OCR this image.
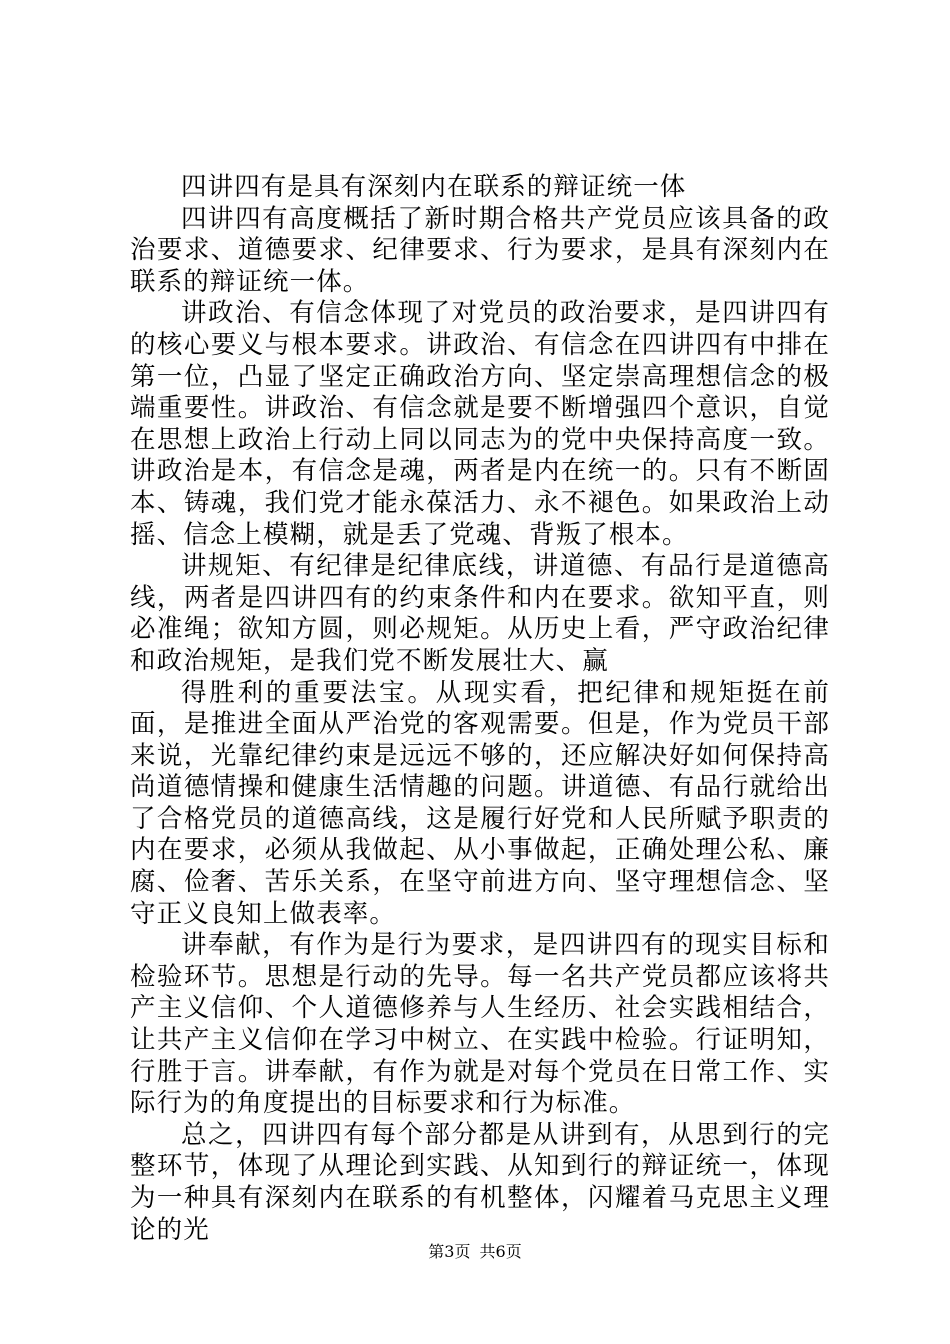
四讲四有是具有深刻内在联系的辩证统一体

四讲四有高度概括了新时期合格共产党员应该具备的政治要求、道德要求、纪律要求、行为要求，是具有深刻内在联系的辩证统一体。

讲政治、有信念体现了对党员的政治要求，是四讲四有的核心要义与根本要求。讲政治、有信念在四讲四有中排在第一位，凸显了坚定正确政治方向、坚定崇高理想信念的极端重要性。讲政治、有信念就是要不断增强四个意识，自觉在思想上政治上行动上同以同志为的党中央保持高度一致。讲政治是本，有信念是魂，两者是内在统一的。只有不断固本、铸魂，我们党才能永葆活力、永不褪色。如果政治上动摇、信念上模糊，就是丢了党魂、背叛了根本。

讲规矩、有纪律是纪律底线，讲道德、有品行是道德高线，两者是四讲四有的约束条件和内在要求。欲知平直，则必准绳；欲知方圆，则必规矩。从历史上看，严守政治纪律和政治规矩，是我们党不断发展壮大、赢

得胜利的重要法宝。从现实看，把纪律和规矩挺在前面，是推进全面从严治党的客观需要。但是，作为党员干部来说，光靠纪律约束是远远不够的，还应解决好如何保持高尚道德情操和健康生活情趣的问题。讲道德、有品行就给出了合格党员的道德高线，这是履行好党和人民所赋予职责的内在要求，必须从我做起、从小事做起，正确处理公私、廉腐、俭奢、苦乐关系，在坚守前进方向、坚守理想信念、坚守正义良知上做表率。

讲奉献，有作为是行为要求，是四讲四有的现实目标和检验环节。思想是行动的先导。每一名共产党员都应该将共产主义信仰、个人道德修养与人生经历、社会实践相结合，让共产主义信仰在学习中树立、在实践中检验。行证明知，行胜于言。讲奉献，有作为就是对每个党员在日常工作、实际行为的角度提出的目标要求和行为标准。

总之，四讲四有每个部分都是从讲到有，从思到行的完整环节，体现了从理论到实践、从知到行的辩证统一，体现为一种具有深刻内在联系的有机整体，闪耀着马克思主义理论的光

第3页 共6页
